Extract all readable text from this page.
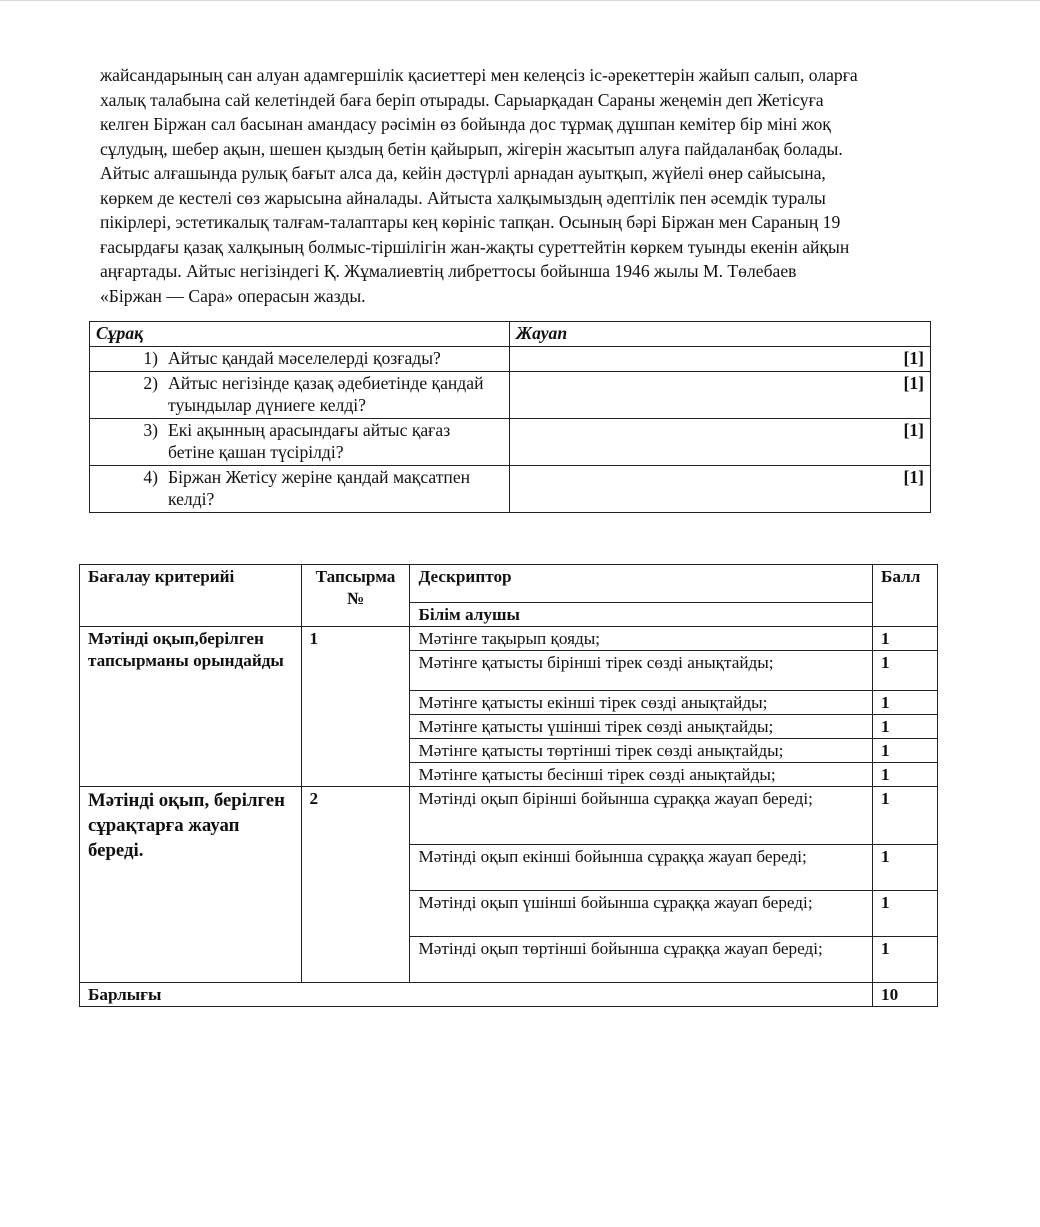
жайсандарының сан алуан адамгершілік қасиеттері мен келеңсіз іс-әрекеттерін жайып салып, оларға
халық талабына сай келетіндей баға беріп отырады. Сарыарқадан Сараны жеңемін деп Жетісуға
келген Біржан сал басынан амандасу рәсімін өз бойында дос тұрмақ дұшпан кемітер бір міні жоқ
сұлудың, шебер ақын, шешен қыздың бетін қайырып, жігерін жасытып алуға пайдаланбақ болады.
Айтыс алғашында рулық бағыт алса да, кейін дәстүрлі арнадан ауытқып, жүйелі өнер сайысына,
көркем де кестелі сөз жарысына айналады. Айтыста халқымыздың әдептілік пен әсемдік туралы
пікірлері, эстетикалық талғам-талаптары кең көрініс тапқан. Осының бәрі Біржан мен Сараның 19
ғасырдағы қазақ халқының болмыс-тіршілігін жан-жақты суреттейтін көркем туынды екенін айқын
аңғартады. Айтыс негізіндегі Қ. Жұмалиевтің либреттосы бойынша 1946 жылы М. Төлебаев
«Біржан — Сара» операсын жазды.
Сұрақ	Жауап
1) Айтыс қандай мәселелерді қозғады?	[1]
2) Айтыс негізінде қазақ әдебиетінде қандай туындылар дүниеге келді?	[1]
3) Екі ақынның арасындағы айтыс қағаз бетіне қашан түсірілді?	[1]
4) Біржан Жетісу жеріне қандай мақсатпен келді?	[1]
Бағалау критерийі	Тапсырма №	Дескриптор	Балл
		Білім алушы	
Мәтінді оқып,берілген тапсырманы орындайды	1	Мәтінге тақырып қояды;	1
		Мәтінге қатысты бірінші тірек сөзді анықтайды;	1
		Мәтінге қатысты екінші тірек сөзді анықтайды;	1
		Мәтінге қатысты үшінші тірек сөзді анықтайды;	1
		Мәтінге қатысты төртінші тірек сөзді анықтайды;	1
		Мәтінге қатысты бесінші тірек сөзді анықтайды;	1
Мәтінді оқып, берілген сұрақтарға жауап береді.	2	Мәтінді оқып бірінші бойынша сұраққа жауап береді;	1
		Мәтінді оқып екінші бойынша сұраққа жауап береді;	1
		Мәтінді оқып үшінші бойынша сұраққа жауап береді;	1
		Мәтінді оқып төртінші бойынша сұраққа жауап береді;	1
Барлығы			10
